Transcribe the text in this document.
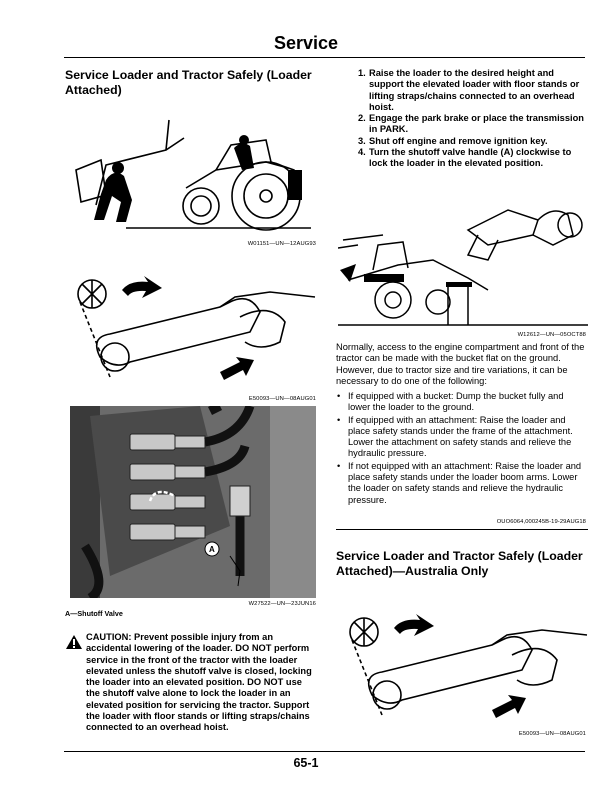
Service
Service Loader and Tractor Safely (Loader Attached)
W01151—UN—12AUG93
E50093—UN—08AUG01
A
W27522—UN—23JUN16
A—Shutoff Valve
CAUTION: Prevent possible injury from an accidental lowering of the loader. DO NOT perform service in the front of the tractor with the loader elevated unless the shutoff valve is closed, locking the loader into an elevated position. DO NOT use the shutoff valve alone to lock the loader in an elevated position for servicing the tractor. Support the loader with floor stands or lifting straps/chains connected to an overhead hoist.
1. Raise the loader to the desired height and support the elevated loader with floor stands or lifting straps/chains connected to an overhead hoist.
2. Engage the park brake or place the transmission in PARK.
3. Shut off engine and remove ignition key.
4. Turn the shutoff valve handle (A) clockwise to lock the loader in the elevated position.
W12612—UN—05OCT88
Normally, access to the engine compartment and front of the tractor can be made with the bucket flat on the ground. However, due to tractor size and tire variations, it can be necessary to do one of the following:
• If equipped with a bucket: Dump the bucket fully and lower the loader to the ground.
• If equipped with an attachment: Raise the loader and place safety stands under the frame of the attachment. Lower the attachment on safety stands and relieve the hydraulic pressure.
• If not equipped with an attachment: Raise the loader and place safety stands under the loader boom arms. Lower the loader on safety stands and relieve the hydraulic pressure.
OUO6064,000245B-19-29AUG18
Service Loader and Tractor Safely (Loader Attached)—Australia Only
E50093—UN—08AUG01
65-1
